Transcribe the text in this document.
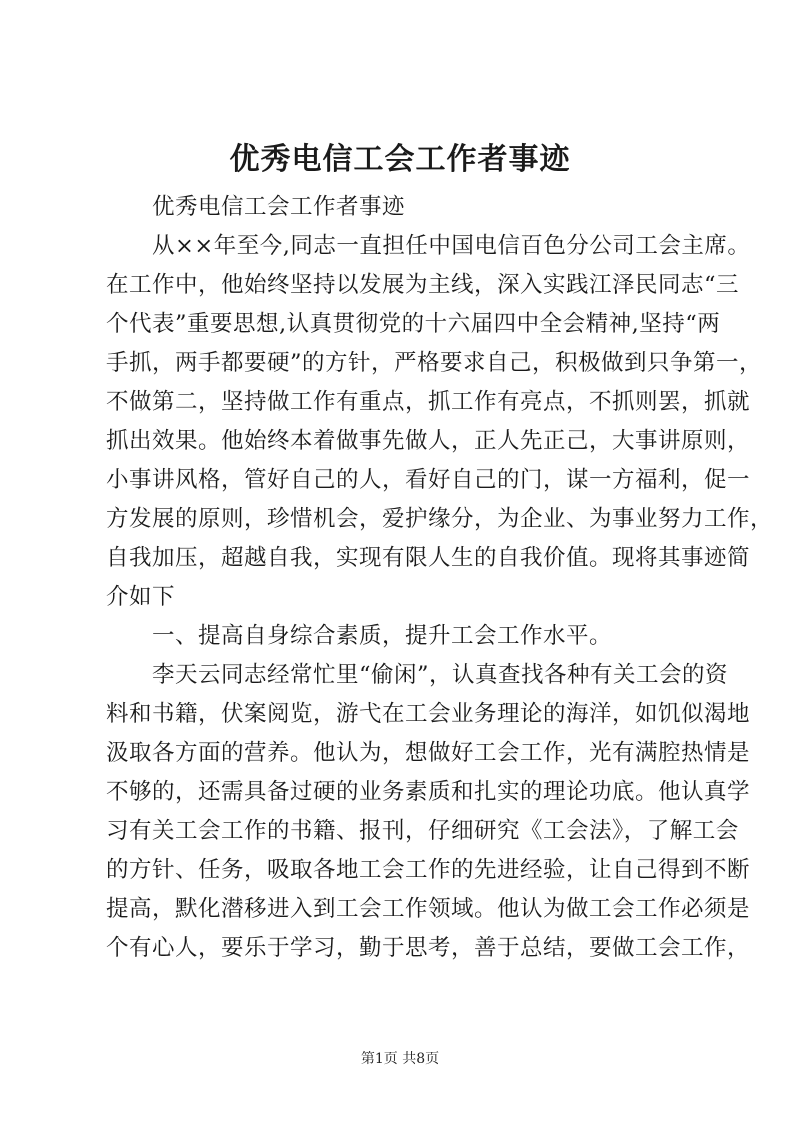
优秀电信工会工作者事迹
优秀电信工会工作者事迹
从××年至今,同志一直担任中国电信百色分公司工会主席。
在工作中，他始终坚持以发展为主线，深入实践江泽民同志“三
个代表”重要思想,认真贯彻党的十六届四中全会精神,坚持“两
手抓，两手都要硬”的方针，严格要求自己，积极做到只争第一，
不做第二，坚持做工作有重点，抓工作有亮点，不抓则罢，抓就
抓出效果。他始终本着做事先做人，正人先正己，大事讲原则，
小事讲风格，管好自己的人，看好自己的门，谋一方福利，促一
方发展的原则，珍惜机会，爱护缘分，为企业、为事业努力工作，
自我加压，超越自我，实现有限人生的自我价值。现将其事迹简
介如下
一、提高自身综合素质，提升工会工作水平。
李天云同志经常忙里“偷闲”，认真查找各种有关工会的资
料和书籍，伏案阅览，游弋在工会业务理论的海洋，如饥似渴地
汲取各方面的营养。他认为，想做好工会工作，光有满腔热情是
不够的，还需具备过硬的业务素质和扎实的理论功底。他认真学
习有关工会工作的书籍、报刊，仔细研究《工会法》，了解工会
的方针、任务，吸取各地工会工作的先进经验，让自己得到不断
提高，默化潜移进入到工会工作领域。他认为做工会工作必须是
个有心人，要乐于学习，勤于思考，善于总结，要做工会工作，
第1页 共8页
